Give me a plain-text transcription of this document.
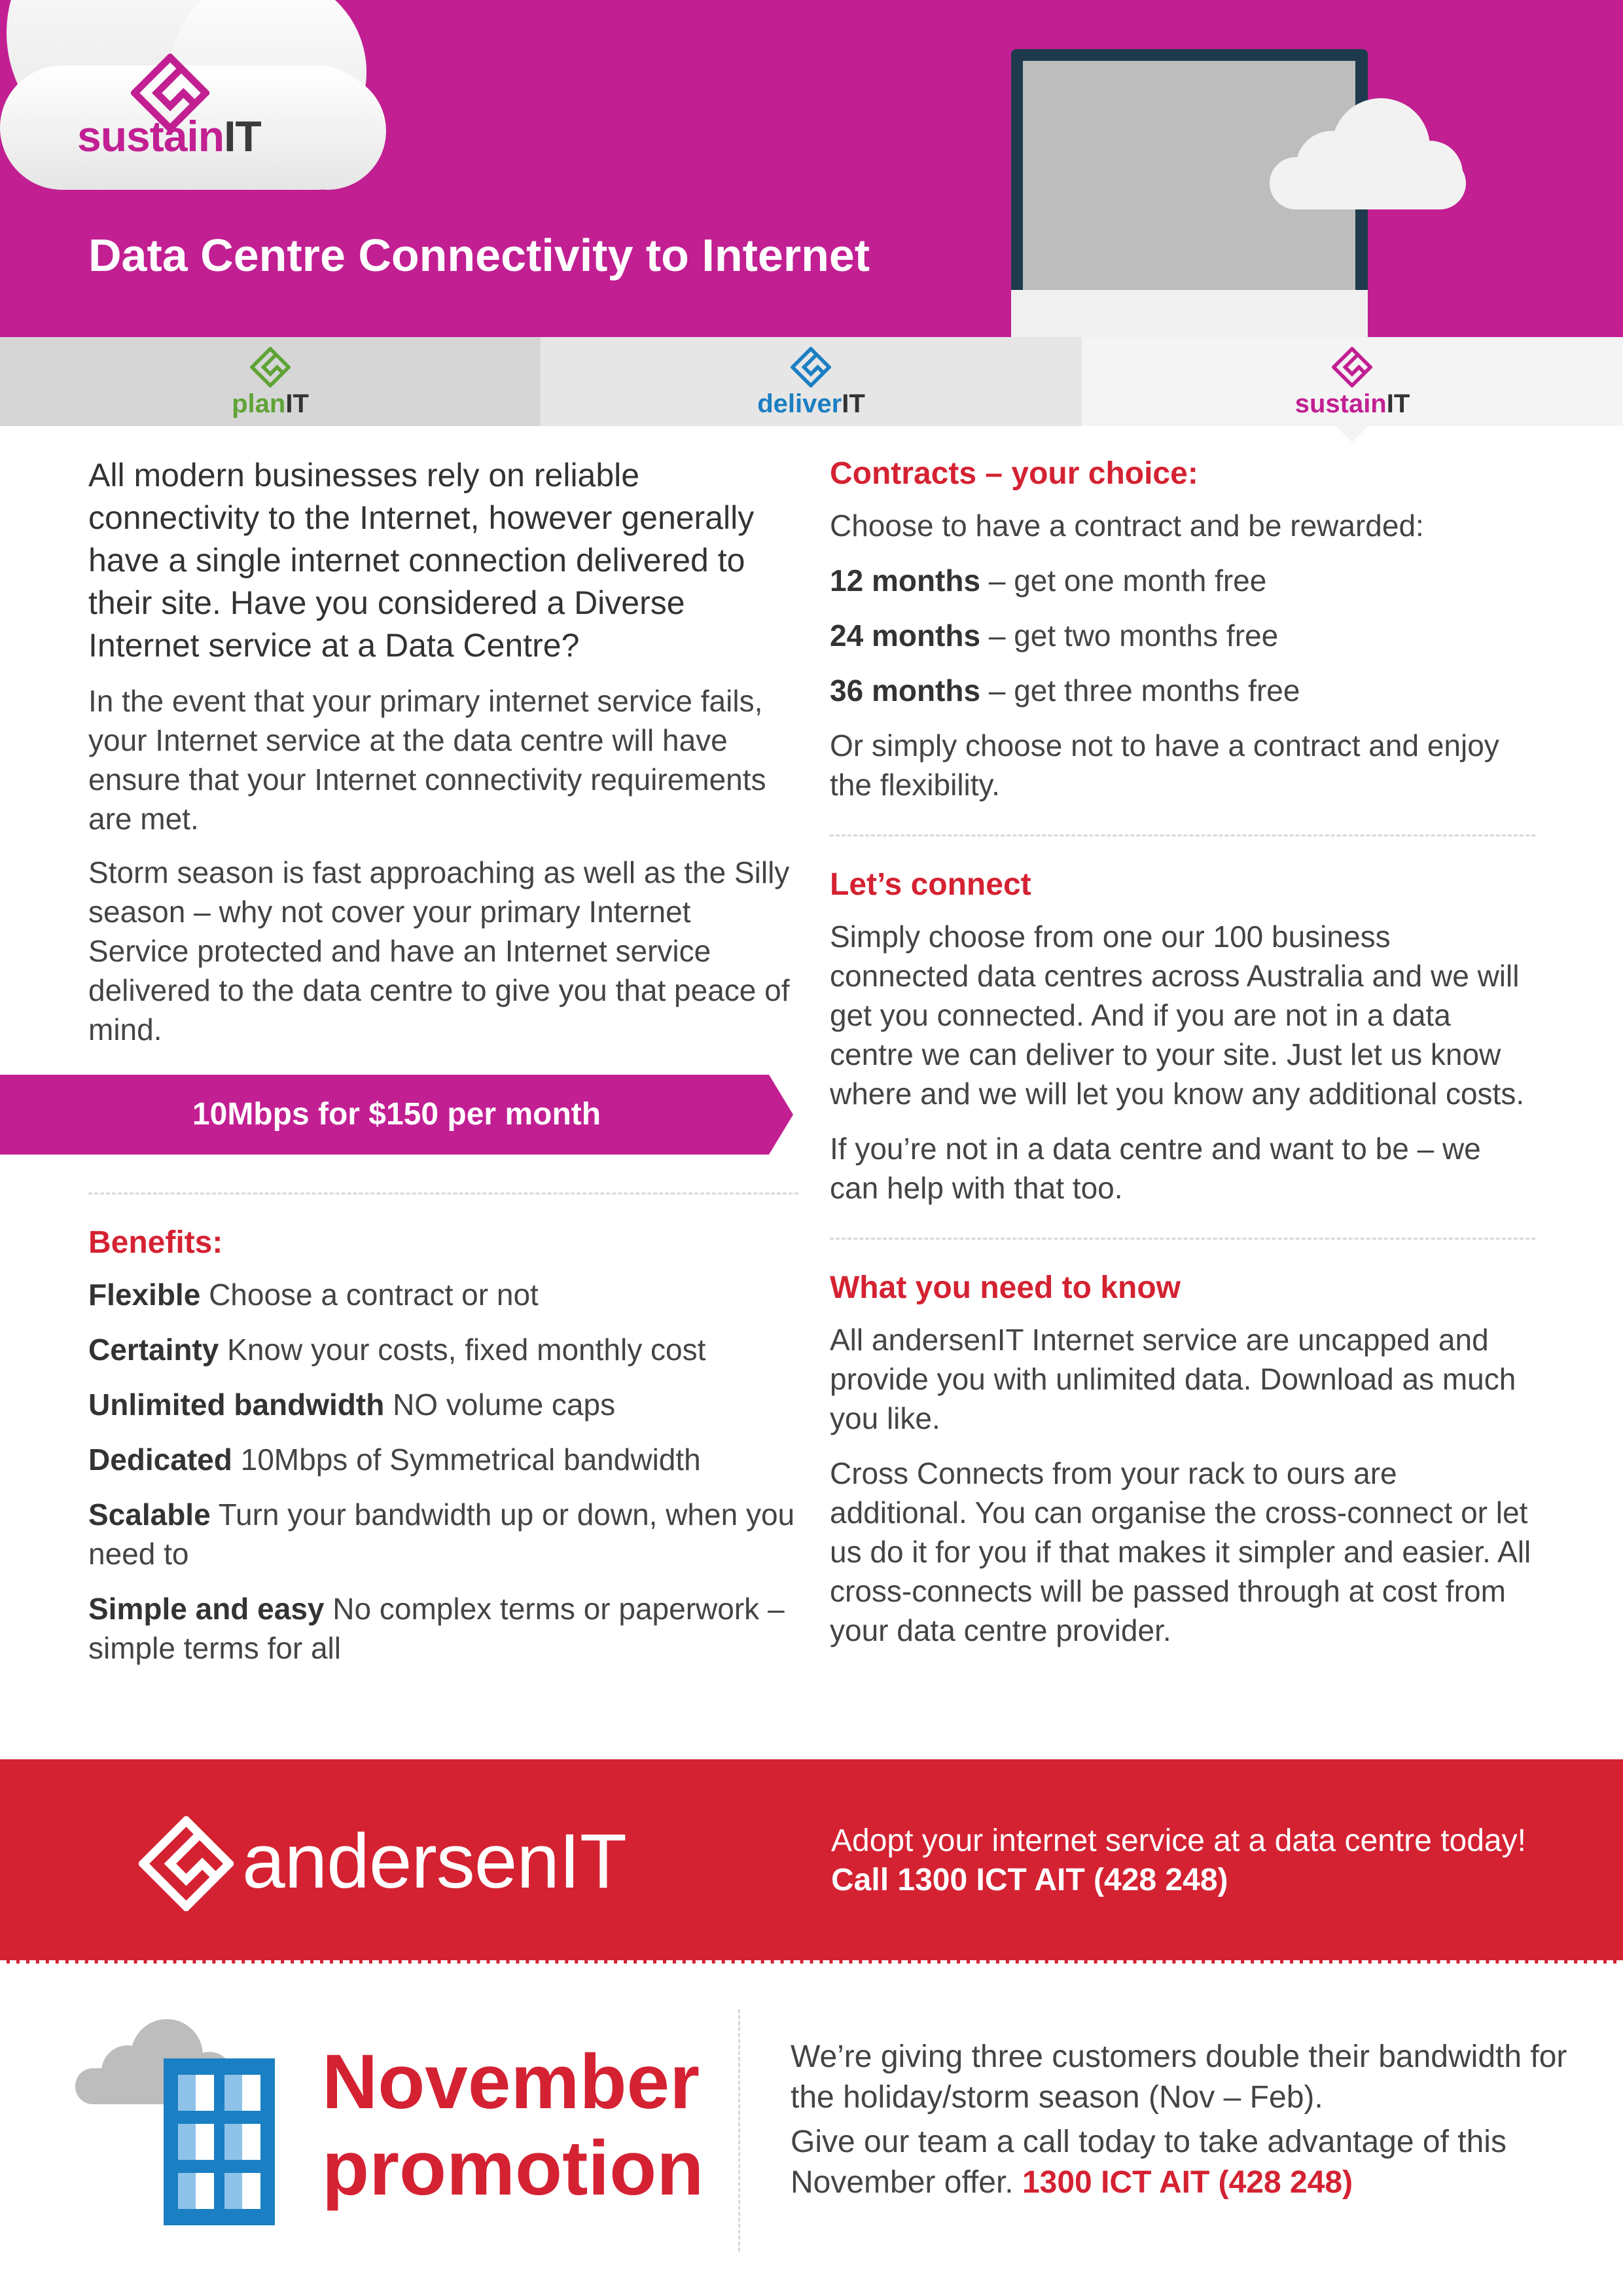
sustainIT
Data Centre Connectivity to Internet
planIT	deliverIT	sustainIT

All modern businesses rely on reliable connectivity to the Internet, however generally have a single internet connection delivered to their site. Have you considered a Diverse Internet service at a Data Centre?

In the event that your primary internet service fails, your Internet service at the data centre will have ensure that your Internet connectivity requirements are met.

Storm season is fast approaching as well as the Silly season – why not cover your primary Internet Service protected and have an Internet service delivered to the data centre to give you that peace of mind.

10Mbps for $150 per month

Benefits:

Flexible Choose a contract or not

Certainty Know your costs, fixed monthly cost

Unlimited bandwidth NO volume caps

Dedicated 10Mbps of Symmetrical bandwidth

Scalable Turn your bandwidth up or down, when you need to

Simple and easy No complex terms or paperwork – simple terms for all

Contracts – your choice:

Choose to have a contract and be rewarded:

12 months – get one month free

24 months – get two months free

36 months – get three months free

Or simply choose not to have a contract and enjoy the flexibility.

Let’s connect

Simply choose from one our 100 business connected data centres across Australia and we will get you connected. And if you are not in a data centre we can deliver to your site. Just let us know where and we will let you know any additional costs.

If you’re not in a data centre and want to be – we can help with that too.

What you need to know

All andersenIT Internet service are uncapped and provide you with unlimited data. Download as much you like.

Cross Connects from your rack to ours are additional. You can organise the cross-connect or let us do it for you if that makes it simpler and easier. All cross-connects will be passed through at cost from your data centre provider.

andersenIT	Adopt your internet service at a data centre today!
Call 1300 ICT AIT (428 248)
November
promotion

We’re giving three customers double their bandwidth for the holiday/storm season (Nov – Feb).

Give our team a call today to take advantage of this November offer. 1300 ICT AIT (428 248)
